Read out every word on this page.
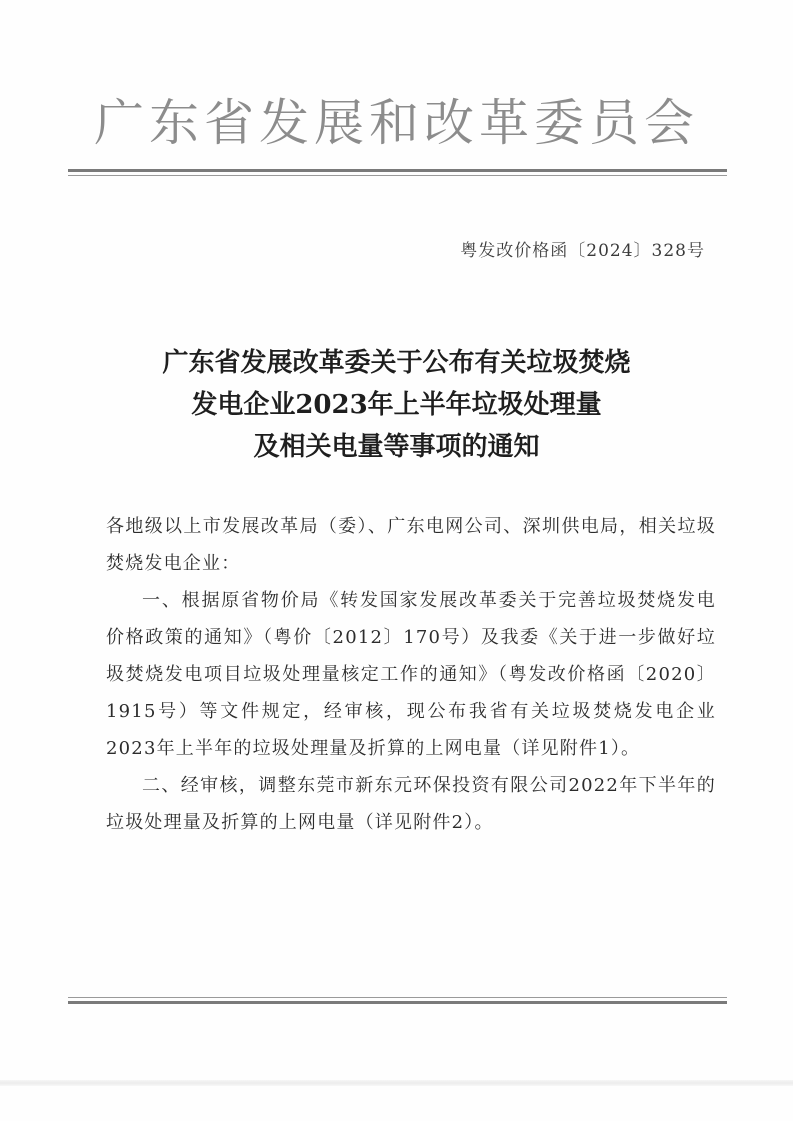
广东省发展和改革委员会
粤发改价格函〔2024〕328号
广东省发展改革委关于公布有关垃圾焚烧
发电企业2023年上半年垃圾处理量
及相关电量等事项的通知

各地级以上市发展改革局（委）、广东电网公司、深圳供电局，相关垃圾焚烧发电企业：

一、根据原省物价局《转发国家发展改革委关于完善垃圾焚烧发电价格政策的通知》（粤价〔2012〕170号）及我委《关于进一步做好垃圾焚烧发电项目垃圾处理量核定工作的通知》（粤发改价格函〔2020〕1915号）等文件规定，经审核，现公布我省有关垃圾焚烧发电企业2023年上半年的垃圾处理量及折算的上网电量（详见附件1）。

二、经审核，调整东莞市新东元环保投资有限公司2022年下半年的垃圾处理量及折算的上网电量（详见附件2）。
